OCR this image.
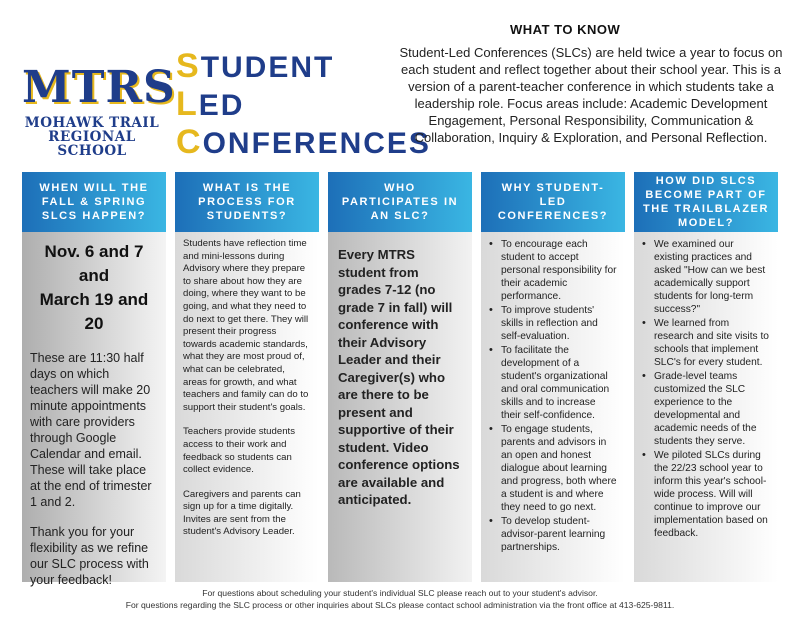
MTRS
MOHAWK TRAIL
REGIONAL SCHOOL
STUDENT
LED
CONFERENCES
WHAT TO KNOW
Student-Led Conferences (SLCs) are held twice a year to focus on each student and reflect together about their school year. This is a version of a parent-teacher conference in which students take a leadership role. Focus areas include: Academic Development Engagement, Personal Responsibility, Communication & Collaboration, Inquiry & Exploration, and Personal Reflection.
WHEN WILL THE FALL & SPRING SLCS HAPPEN?
Nov. 6 and 7
and
March 19 and 20

These are 11:30 half days on which teachers will make 20 minute appointments with care providers through Google Calendar and email. These will take place at the end of trimester 1 and 2.

Thank you for your flexibility as we refine our SLC process with your feedback!

WHAT IS THE PROCESS FOR STUDENTS?

Students have reflection time and mini-lessons during Advisory where they prepare to share about how they are doing, where they want to be going, and what they need to do next to get there. They will present their progress towards academic standards, what they are most proud of, what can be celebrated, areas for growth, and what teachers and family can do to support their student's goals.

Teachers provide students access to their work and feedback so students can collect evidence.

Caregivers and parents can sign up for a time digitally. Invites are sent from the student's Advisory Leader.

WHO PARTICIPATES IN AN SLC?

Every MTRS student from grades 7-12 (no grade 7 in fall) will conference with their Advisory Leader and their Caregiver(s) who are there to be present and supportive of their student. Video conference options are available and anticipated.

WHY STUDENT-LED CONFERENCES?
• To encourage each student to accept personal responsibility for their academic performance.
• To improve students' skills in reflection and self-evaluation.
• To facilitate the development of a student's organizational and oral communication skills and to increase their self-confidence.
• To engage students, parents and advisors in an open and honest dialogue about learning and progress, both where a student is and where they need to go next.
• To develop student-advisor-parent learning partnerships.
HOW DID SLCS BECOME PART OF THE TRAILBLAZER MODEL?
• We examined our existing practices and asked "How can we best academically support students for long-term success?"
• We learned from research and site visits to schools that implement SLC's for every student.
• Grade-level teams customized the SLC experience to the developmental and academic needs of the students they serve.
• We piloted SLCs during the 22/23 school year to inform this year's school-wide process. Will will continue to improve our implementation based on feedback.
For questions about scheduling your student's individual SLC please reach out to your student's advisor.
For questions regarding the SLC process or other inquiries about SLCs please contact school administration via the front office at 413-625-9811.
